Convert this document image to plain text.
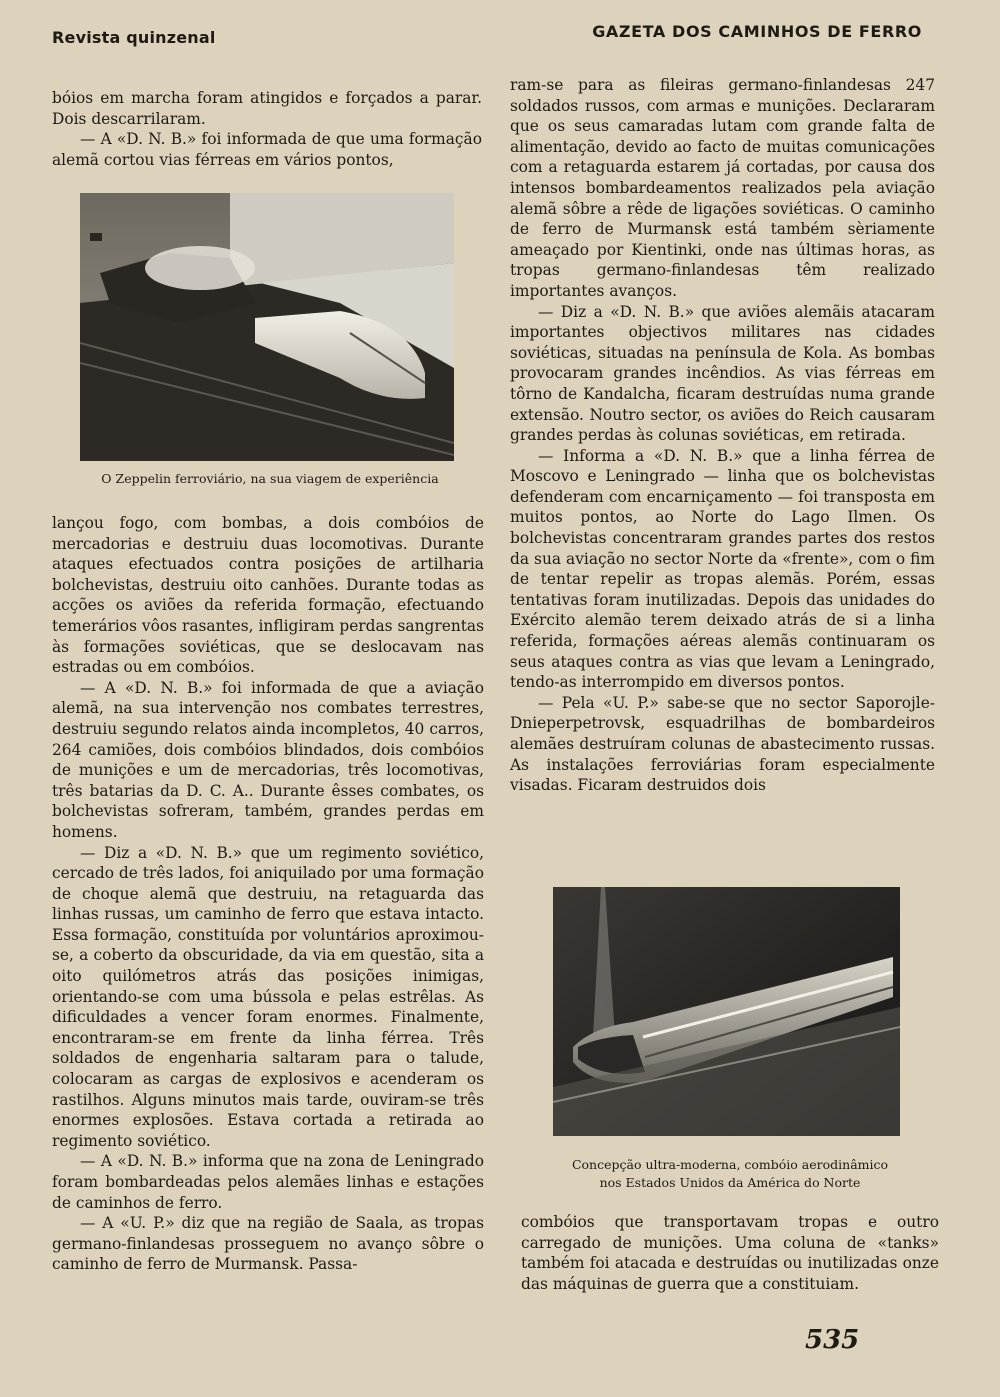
Revista quinzenal	GAZETA DOS CAMINHOS DE FERRO

bóios em marcha foram atingidos e forçados a parar. Dois descarrilaram.

— A «D. N. B.» foi informada de que uma formação alemã cortou vias férreas em vários pontos,

O Zeppelin ferroviário, na sua viagem de experiência

lançou fogo, com bombas, a dois combóios de mercadorias e destruiu duas locomotivas. Durante ataques efectuados contra posições de artilharia bolchevistas, destruiu oito canhões. Durante todas as acções os aviões da referida formação, efectuando temerários vôos rasantes, infligiram perdas sangrentas às formações soviéticas, que se deslocavam nas estradas ou em combóios.

— A «D. N. B.» foi informada de que a aviação alemã, na sua intervenção nos combates terrestres, destruiu segundo relatos ainda incompletos, 40 carros, 264 camiões, dois combóios blindados, dois combóios de munições e um de mercadorias, três locomotivas, três batarias da D. C. A.. Durante êsses combates, os bolchevistas sofreram, também, grandes perdas em homens.

— Diz a «D. N. B.» que um regimento soviético, cercado de três lados, foi aniquilado por uma formação de choque alemã que destruiu, na retaguarda das linhas russas, um caminho de ferro que estava intacto. Essa formação, constituída por voluntários aproximou-se, a coberto da obscuridade, da via em questão, sita a oito quilómetros atrás das posições inimigas, orientando-se com uma bússola e pelas estrêlas. As dificuldades a vencer foram enormes. Finalmente, encontraram-se em frente da linha férrea. Três soldados de engenharia saltaram para o talude, colocaram as cargas de explosivos e acenderam os rastilhos. Alguns minutos mais tarde, ouviram-se três enormes explosões. Estava cortada a retirada ao regimento soviético.

— A «D. N. B.» informa que na zona de Leningrado foram bombardeadas pelos alemães linhas e estações de caminhos de ferro.

— A «U. P.» diz que na região de Saala, as tropas germano-finlandesas prosseguem no avanço sôbre o caminho de ferro de Murmansk. Passa-

ram-se para as fileiras germano-finlandesas 247 soldados russos, com armas e munições. Declararam que os seus camaradas lutam com grande falta de alimentação, devido ao facto de muitas comunicações com a retaguarda estarem já cortadas, por causa dos intensos bombardeamentos realizados pela aviação alemã sôbre a rêde de ligações soviéticas. O caminho de ferro de Murmansk está também sèriamente ameaçado por Kientinki, onde nas últimas horas, as tropas germano-finlandesas têm realizado importantes avanços.

— Diz a «D. N. B.» que aviões alemãis atacaram importantes objectivos militares nas cidades soviéticas, situadas na península de Kola. As bombas provocaram grandes incêndios. As vias férreas em tôrno de Kandalcha, ficaram destruídas numa grande extensão. Noutro sector, os aviões do Reich causaram grandes perdas às colunas soviéticas, em retirada.

— Informa a «D. N. B.» que a linha férrea de Moscovo e Leningrado — linha que os bolchevistas defenderam com encarniçamento — foi transposta em muitos pontos, ao Norte do Lago Ilmen. Os bolchevistas concentraram grandes partes dos restos da sua aviação no sector Norte da «frente», com o fim de tentar repelir as tropas alemãs. Porém, essas tentativas foram inutilizadas. Depois das unidades do Exército alemão terem deixado atrás de si a linha referida, formações aéreas alemãs continuaram os seus ataques contra as vias que levam a Leningrado, tendo-as interrompido em diversos pontos.

— Pela «U. P.» sabe-se que no sector Saporojle-Dnieperpetrovsk, esquadrilhas de bombardeiros alemães destruíram colunas de abastecimento russas. As instalações ferroviárias foram especialmente visadas. Ficaram destruidos dois

Concepção ultra-moderna, combóio aerodinâmico
nos Estados Unidos da América do Norte

combóios que transportavam tropas e outro carregado de munições. Uma coluna de «tanks» também foi atacada e destruídas ou inutilizadas onze das máquinas de guerra que a constituiam.

535
